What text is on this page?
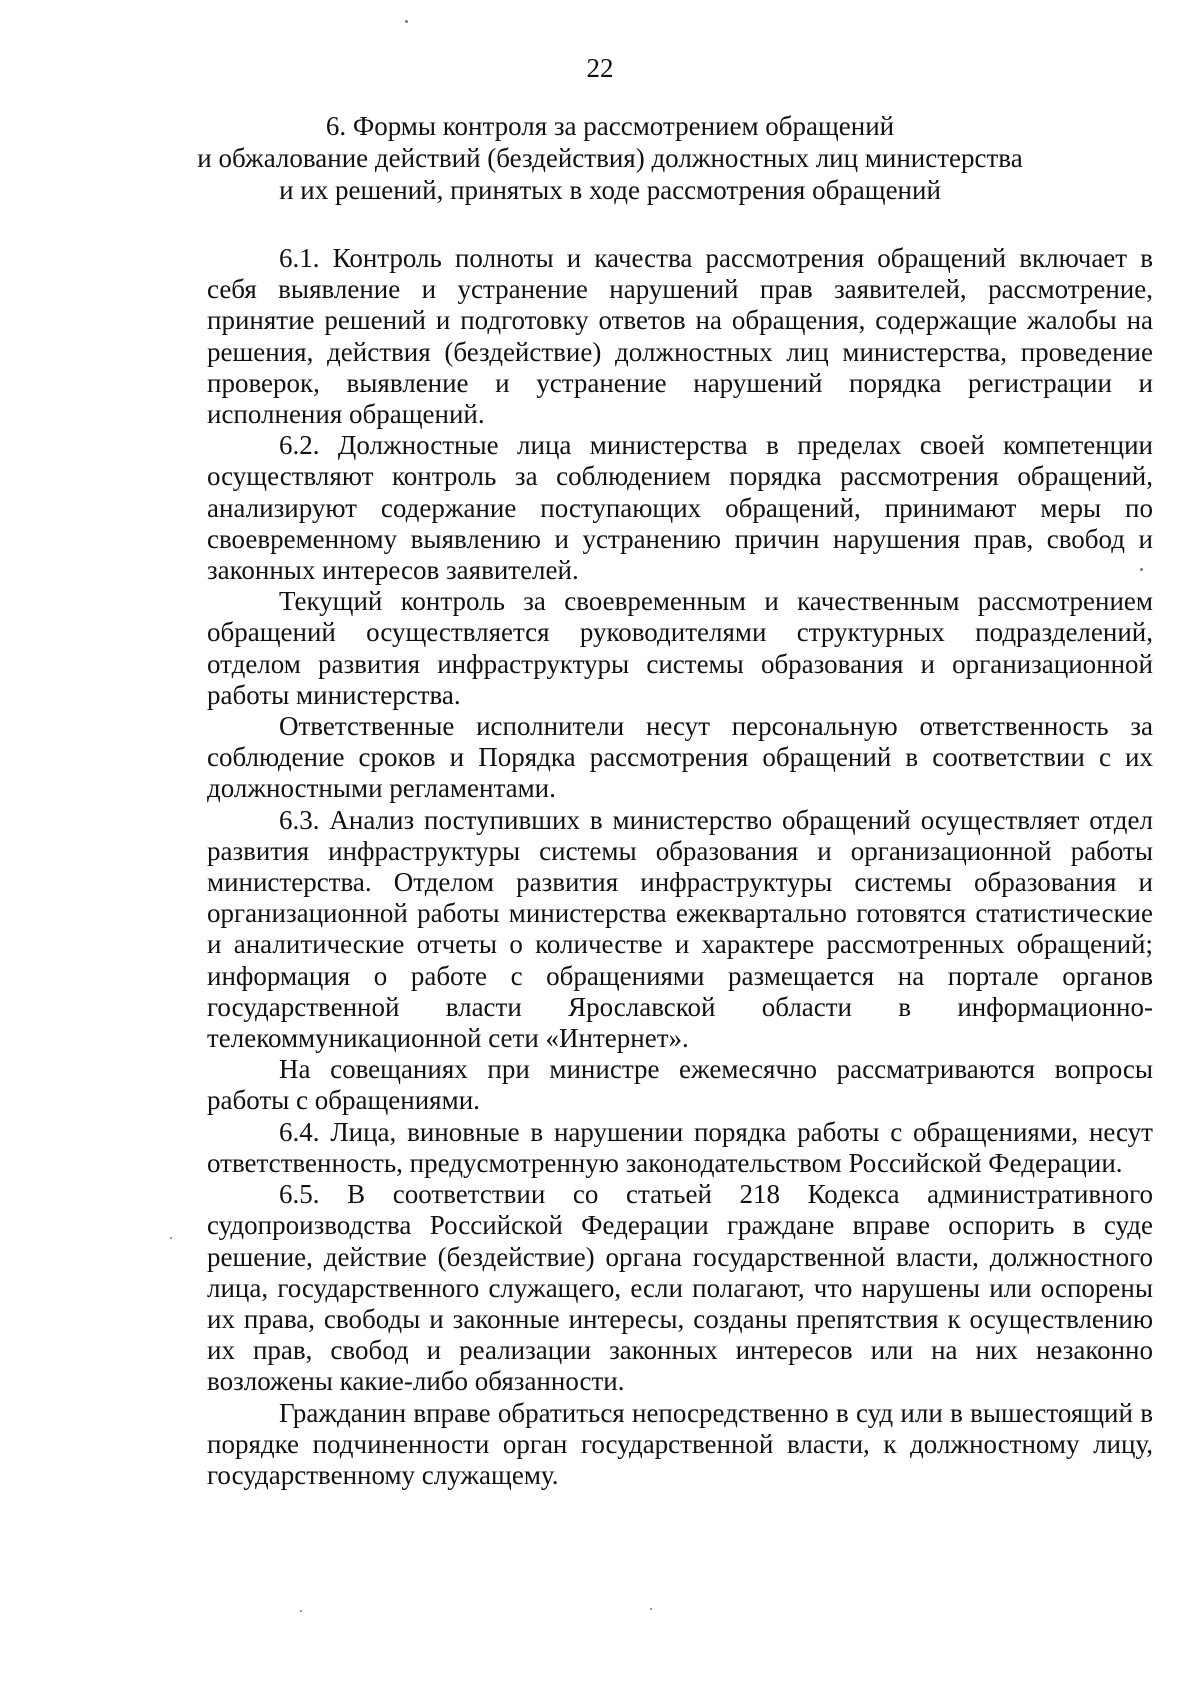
22
6. Формы контроля за рассмотрением обращений
и обжалование действий (бездействия) должностных лиц министерства
и их решений, принятых в ходе рассмотрения обращений

6.1. Контроль полноты и качества рассмотрения обращений включает в себя выявление и устранение нарушений прав заявителей, рассмотрение, принятие решений и подготовку ответов на обращения, содержащие жалобы на решения, действия (бездействие) должностных лиц министерства, проведение проверок, выявление и устранение нарушений порядка регистрации и исполнения обращений.

6.2. Должностные лица министерства в пределах своей компетенции осуществляют контроль за соблюдением порядка рассмотрения обращений, анализируют содержание поступающих обращений, принимают меры по своевременному выявлению и устранению причин нарушения прав, свобод и законных интересов заявителей.

Текущий контроль за своевременным и качественным рассмотрением обращений осуществляется руководителями структурных подразделений, отделом развития инфраструктуры системы образования и организационной работы министерства.

Ответственные исполнители несут персональную ответственность за соблюдение сроков и Порядка рассмотрения обращений в соответствии с их должностными регламентами.

6.3. Анализ поступивших в министерство обращений осуществляет отдел развития инфраструктуры системы образования и организационной работы министерства. Отделом развития инфраструктуры системы образования и организационной работы министерства ежеквартально готовятся статистические и аналитические отчеты о количестве и характере рассмотренных обращений; информация о работе с обращениями размещается на портале органов государственной власти Ярославской области в информационно-телекоммуникационной сети «Интернет».

На совещаниях при министре ежемесячно рассматриваются вопросы работы с обращениями.

6.4. Лица, виновные в нарушении порядка работы с обращениями, несут ответственность, предусмотренную законодательством Российской Федерации.

6.5. В соответствии со статьей 218 Кодекса административного судопроизводства Российской Федерации граждане вправе оспорить в суде решение, действие (бездействие) органа государственной власти, должностного лица, государственного служащего, если полагают, что нарушены или оспорены их права, свободы и законные интересы, созданы препятствия к осуществлению их прав, свобод и реализации законных интересов или на них незаконно возложены какие-либо обязанности.

Гражданин вправе обратиться непосредственно в суд или в вышестоящий в порядке подчиненности орган государственной власти, к должностному лицу, государственному служащему.
